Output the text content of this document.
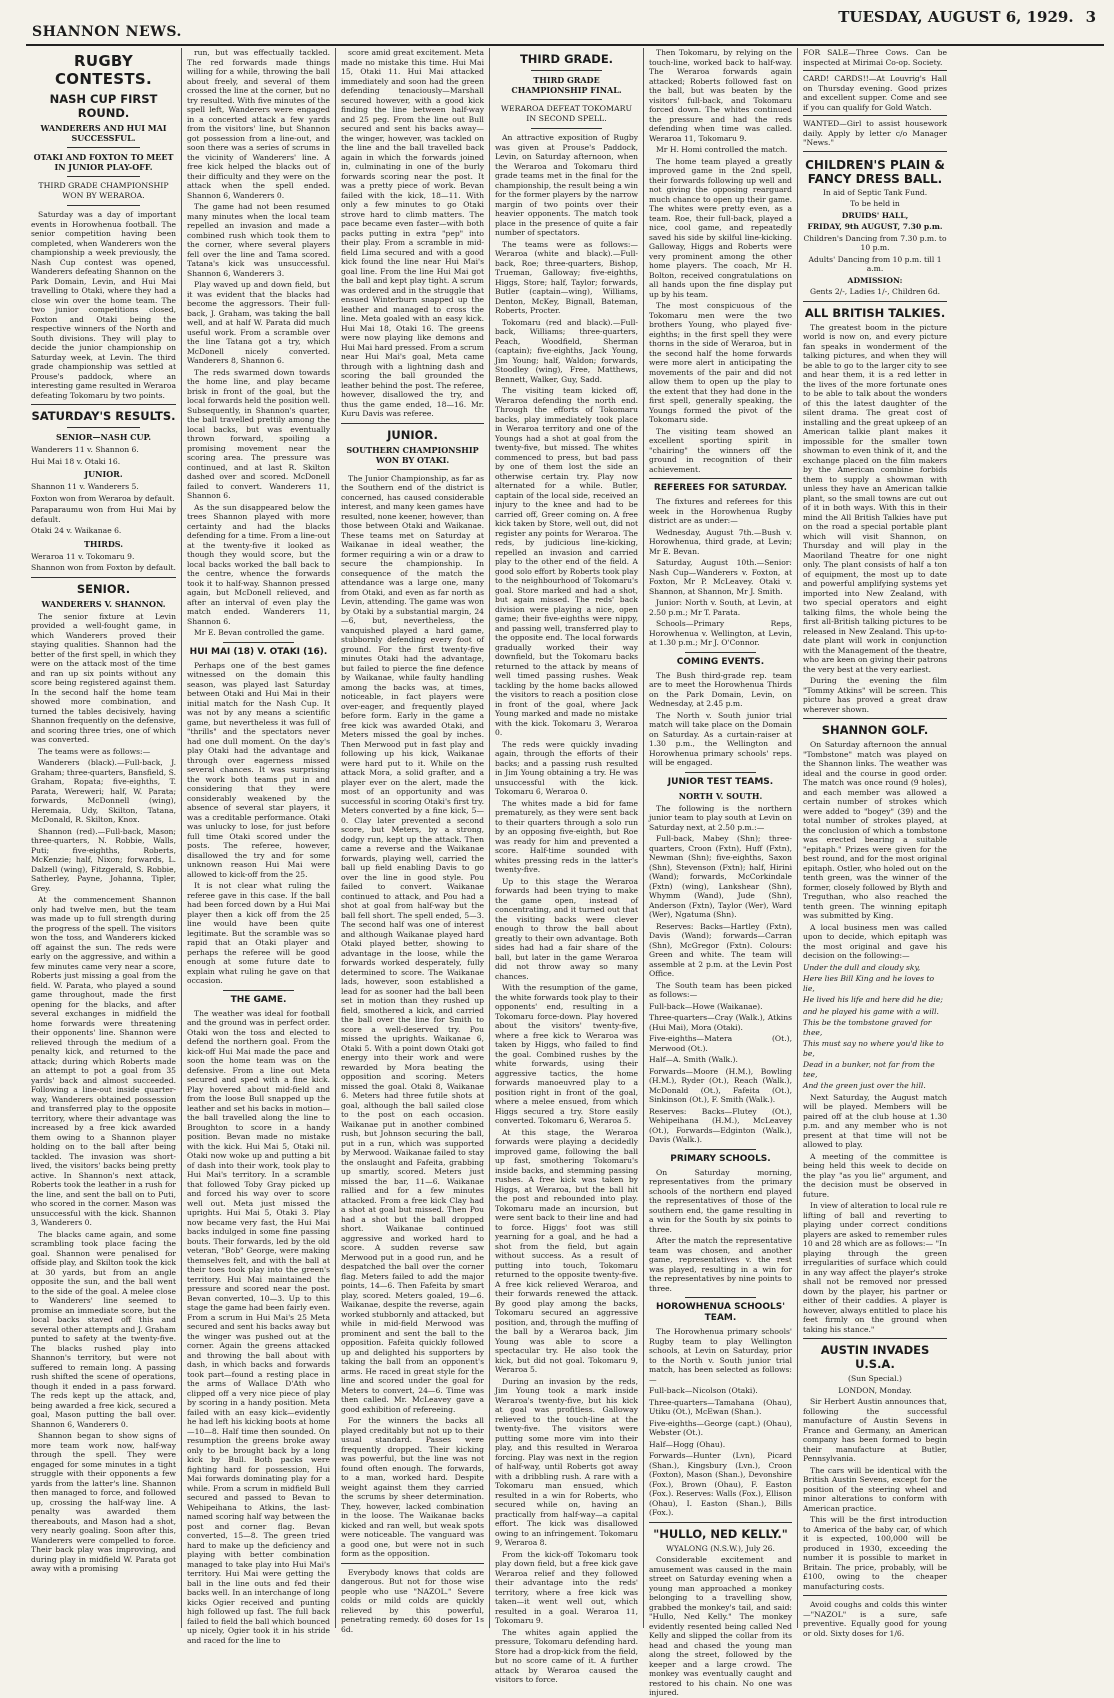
SHANNON NEWS.
TUESDAY, AUGUST 6, 1929. 3
RUGBY CONTESTS.
NASH CUP FIRST ROUND.
WANDERERS AND HUI MAI SUCCESSFUL.
OTAKI AND FOXTON TO MEET IN JUNIOR PLAY-OFF.
THIRD GRADE CHAMPIONSHIP WON BY WERAROA.

Saturday was a day of important events in Horowhenua football. The senior competition having been completed, when Wanderers won the championship a week previously, the Nash Cup contest was opened, Wanderers defeating Shannon on the Park Domain, Levin, and Hui Mai travelling to Otaki, where they had a close win over the home team. The two junior competitions closed, Foxton and Otaki being the respective winners of the North and South divisions. They will play to decide the junior championship on Saturday week, at Levin. The third grade championship was settled at Prouse's paddock, where an interesting game resulted in Weraroa defeating Tokomaru by two points.

SATURDAY'S RESULTS.
SENIOR—NASH CUP.

Wanderers 11 v. Shannon 6.

Hui Mai 18 v. Otaki 16.

JUNIOR.

Shannon 11 v. Wanderers 5.

Foxton won from Weraroa by default.

Paraparaumu won from Hui Mai by default.

Otaki 24 v. Waikanae 6.

THIRDS.

Weraroa 11 v. Tokomaru 9.

Shannon won from Foxton by default.

SENIOR.
WANDERERS V. SHANNON.

The senior fixture at Levin provided a well-fought game, in which Wanderers proved their staying qualities. Shannon had the better of the first spell, in which they were on the attack most of the time and ran up six points without any score being registered against them. In the second half the home team showed more combination, and turned the tables decisively, having Shannon frequently on the defensive, and scoring three tries, one of which was converted.

The teams were as follows:—

Wanderers (black).—Full-back, J. Graham; three-quarters, Bansfield, S. Graham, Ropata; five-eighths, T. Parata, Wereweri; half, W. Parata; forwards, McDonnell (wing), Heremaia, Udy, Skilton, Tatana, McDonald, R. Skilton, Knox.

Shannon (red).—Full-back, Mason; three-quarters, N. Robbie, Walls, Puti; five-eighths, Roberts, McKenzie; half, Nixon; forwards, L. Dalzell (wing), Fitzgerald, S. Robbie, Satherley, Payne, Johanna, Tipler, Grey.

At the commencement Shannon only had twelve men, but the team was made up to full strength during the progress of the spell. The visitors won the toss, and Wanderers kicked off against the sun. The reds were early on the aggressive, and within a few minutes came very near a score, Roberts just missing a goal from the field. W. Parata, who played a sound game throughout, made the first opening for the blacks, and after several exchanges in midfield the home forwards were threatening their opponents' line. Shannon were relieved through the medium of a penalty kick, and returned to the attack; during which Roberts made an attempt to pot a goal from 35 yards' back and almost succeeded. Following a line-out inside quarter-way, Wanderers obtained possession and transferred play to the opposite territory, where their advantage was increased by a free kick awarded them owing to a Shannon player holding on to the ball after being tackled. The invasion was short-lived, the visitors' backs being pretty active. In Shannon's next attack, Roberts took the leather in a rush for the line, and sent the ball on to Puti, who scored in the corner. Mason was unsuccessful with the kick. Shannon 3, Wanderers 0.

The blacks came again, and some scrambling took place facing the goal. Shannon were penalised for offside play, and Skilton took the kick at 30 yards, but from an angle opposite the sun, and the ball went to the side of the goal. A melee close to Wanderers' line seemed to promise an immediate score, but the local backs staved off this and several other attempts and J. Graham punted to safety at the twenty-five. The blacks rushed play into Shannon's territory, but were not suffered to remain long. A passing rush shifted the scene of operations, though it ended in a pass forward. The reds kept up the attack, and, being awarded a free kick, secured a goal, Mason putting the ball over. Shannon 6, Wanderers 0.

Shannon began to show signs of more team work now, half-way through the spell. They were engaged for some minutes in a tight struggle with their opponents a few yards from the latter's line. Shannon then managed to force, and followed up, crossing the half-way line. A penalty was awarded them thereabouts, and Mason had a shot, very nearly goaling. Soon after this, Wanderers were compelled to force. Their back play was improving, and during play in midfield W. Parata got away with a promising

run, but was effectually tackled. The red forwards made things willing for a while, throwing the ball about freely, and several of them crossed the line at the corner, but no try resulted. With five minutes of the spell left, Wanderers were engaged in a concerted attack a few yards from the visitors' line, but Shannon got possession from a line-out, and soon there was a series of scrums in the vicinity of Wanderers' line. A free kick helped the blacks out of their difficulty and they were on the attack when the spell ended. Shannon 6, Wanderers 0.

The game had not been resumed many minutes when the local team repelled an invasion and made a combined rush which took them to the corner, where several players fell over the line and Tama scored. Tatana's kick was unsuccessful. Shannon 6, Wanderers 3.

Play waved up and down field, but it was evident that the blacks had become the aggressors. Their full-back, J. Graham, was taking the ball well, and at half W. Parata did much useful work. From a scramble over the line Tatana got a try, which McDonell nicely converted. Wanderers 8, Shannon 6.

The reds swarmed down towards the home line, and play became brisk in front of the goal, but the local forwards held the position well. Subsequently, in Shannon's quarter, the ball travelled prettily among the local backs, but was eventually thrown forward, spoiling a promising movement near the scoring area. The pressure was continued, and at last R. Skilton dashed over and scored. McDonell failed to convert. Wanderers 11, Shannon 6.

As the sun disappeared below the trees Shannon played with more certainty and had the blacks defending for a time. From a line-out at the twenty-five it looked as though they would score, but the local backs worked the ball back to the centre, whence the forwards took it to half-way. Shannon pressed again, but McDonell relieved, and after an interval of even play the match ended. Wanderers 11, Shannon 6.

Mr E. Bevan controlled the game.

HUI MAI (18) V. OTAKI (16).

Perhaps one of the best games witnessed on the domain this season, was played last Saturday between Otaki and Hui Mai in their initial match for the Nash Cup. It was not by any means a scientific game, but nevertheless it was full of "thrills" and the spectators never had one dull moment. On the day's play Otaki had the advantage and through over eagerness missed several chances. It was surprising the work both teams put in and considering that they were considerably weakened by the absence of several star players, it was a creditable performance. Otaki was unlucky to lose, for just before full time Otaki scored under the posts. The referee, however, disallowed the try and for some unknown reason Hui Mai were allowed to kick-off from the 25.

It is not clear what ruling the referee gave in this case. If the ball had been forced down by a Hui Mai player then a kick off from the 25 line would have been quite legitimate. But the scramble was so rapid that an Otaki player and perhaps the referee will be good enough at some future date to explain what ruling he gave on that occasion.

THE GAME.

The weather was ideal for football and the ground was in perfect order. Otaki won the toss and elected to defend the northern goal. From the kick-off Hui Mai made the pace and soon the home team was on the defensive. From a line out Meta secured and sped with a fine kick. Play hovered about mid-field and from the loose Bull snapped up the leather and set his backs in motion—the ball travelled along the line to Broughton to score in a handy position. Bevan made no mistake with the kick. Hui Mai 5, Otaki nil. Otaki now woke up and putting a bit of dash into their work, took play to Hui Mai's territory. In a scramble that followed Toby Gray picked up and forced his way over to score well out. Meta just missed the uprights. Hui Mai 5, Otaki 3. Play now became very fast, the Hui Mai backs indulged in some fine passing bouts. Their forwards, led by the old veteran, "Bob" George, were making themselves felt, and with the ball at their toes took play into the green's territory. Hui Mai maintained the pressure and scored near the post. Bevan converted, 10—3. Up to this stage the game had been fairly even. From a scrum in Hui Mai's 25 Meta secured and sent his backs away but the winger was pushed out at the corner. Again the greens attacked and throwing the ball about with dash, in which backs and forwards took part—found a resting place in the arms of Wallace D'Ath who clipped off a very nice piece of play by scoring in a handy position. Meta failed with an easy kick—evidently he had left his kicking boots at home—10—8. Half time then sounded. On resumption the greens broke away only to be brought back by a long kick by Bull. Both packs were fighting hard for possession, Hui Mai forwards dominating play for a while. From a scrum in midfield Bull secured and passed to Bevan to Wehipeihana to Atkins, the last-named scoring half way between the post and corner flag. Bevan converted, 15—8. The green tried hard to make up the deficiency and playing with better combination managed to take play into Hui Mai's territory. Hui Mai were getting the ball in the line outs and fed their backs well. In an interchange of long kicks Ogier received and punting high followed up fast. The full back failed to field the ball which bounced up nicely, Ogier took it in his stride and raced for the line to

score amid great excitement. Meta made no mistake this time. Hui Mai 15, Otaki 11. Hui Mai attacked immediately and soon had the green defending tenaciously—Marshall secured however, with a good kick finding the line between half-way and 25 peg. From the line out Bull secured and sent his backs away—the winger, however, was tackled on the line and the ball travelled back again in which the forwards joined in, culminating in one of the burly forwards scoring near the post. It was a pretty piece of work. Bevan failed with the kick, 18—11. With only a few minutes to go Otaki strove hard to climb matters. The pace became even faster—with both packs putting in extra "pep" into their play. From a scramble in mid-field Lima secured and with a good kick found the line near Hui Mai's goal line. From the line Hui Mai got the ball and kept play tight. A scrum was ordered and in the struggle that ensued Winterburn snapped up the leather and managed to cross the line. Meta goaled with an easy kick. Hui Mai 18, Otaki 16. The greens were now playing like demons and Hui Mai hard pressed. From a scrum near Hui Mai's goal, Meta came through with a lightning dash and scoring the ball grounded the leather behind the post. The referee, however, disallowed the try, and thus the game ended, 18—16. Mr. Kuru Davis was referee.

JUNIOR.
SOUTHERN CHAMPIONSHIP WON BY OTAKI.

The Junior Championship, as far as the Southern end of the district is concerned, has caused considerable interest, and many keen games have resulted, none keener, however, than those between Otaki and Waikanae. These teams met on Saturday at Waikanae in ideal weather, the former requiring a win or a draw to secure the championship. In consequence of the match the attendance was a large one, many from Otaki, and even as far north as Levin, attending. The game was won by Otaki by a substantial margin, 24—6, but, nevertheless, the vanquished played a hard game, stubbornly defending every foot of ground. For the first twenty-five minutes Otaki had the advantage, but failed to pierce the fine defence by Waikanae, while faulty handling among the backs was, at times, noticeable, in fact players were over-eager, and frequently played before form. Early in the game a free kick was awarded Otaki, and Meters missed the goal by inches. Then Merwood put in fast play and following up his kick, Waikanae were hard put to it. While on the attack Mora, a solid grafter, and a player ever on the alert, made the most of an opportunity and was successful in scoring Otaki's first try. Meters converted by a fine kick, 5—0. Clay later prevented a second score, but Meters, by a strong, dodgy run, kept up the attack. Then came a reverse and the Waikanae forwards, playing well, carried the ball up field enabling Davis to go over the line in good style. Pou failed to convert. Waikanae continued to attack, and Pou had a shot at goal from half-way but the ball fell short. The spell ended, 5—3. The second half was one of interest and although Waikanae played hard Otaki played better, showing to advantage in the loose, while the forwards worked desperately, fully determined to score. The Waikanae lads, however, soon established a lead for as sooner had the ball been set in motion than they rushed up field, smothered a kick, and carried the ball over the line for Smith to score a well-deserved try. Pou missed the uprights. Waikanae 6, Otaki 5. With a point down Otaki got energy into their work and were rewarded by Mora beating the opposition and scoring. Meters missed the goal. Otaki 8, Waikanae 6. Meters had three futile shots at goal, although the ball sailed close to the post on each occasion. Waikanae put in another combined rush, but Johnson securing the ball, put in a run, which was supported by Merwood. Waikanae failed to stay the onslaught and Fafeita, grabbing up smartly, scored. Meters just missed the bar, 11—6. Waikanae rallied and for a few minutes attacked. From a free kick Clay had a shot at goal but missed. Then Pou had a shot but the ball dropped short. Waikanae continued aggressive and worked hard to score. A sudden reverse saw Merwood put in a good run, and he despatched the ball over the corner flag. Meters failed to add the major points, 14—6. Then Fafeita by smart play, scored. Meters goaled, 19—6. Waikanae, despite the reverse, again worked stubbornly and attacked, but while in mid-field Merwood was prominent and sent the ball to the opposition. Fafeita quickly followed up and delighted his supporters by taking the ball from an opponent's arms. He raced in great style for the line and scored under the goal for Meters to convert, 24—6. Time was then called. Mr. McLeavey gave a good exhibition of refereeing.

For the winners the backs all played creditably but not up to their usual standard. Passes were frequently dropped. Their kicking was powerful, but the line was not found often enough. The forwards, to a man, worked hard. Despite weight against them they carried the scrums by sheer determination. They, however, lacked combination in the loose. The Waikanae backs kicked and ran well, but weak spots were noticeable. The vanguard was a good one, but were not in such form as the opposition.

Everybody knows that colds are dangerous. But not for those wise people who use "NAZOL." Severe colds or mild colds are quickly relieved by this powerful, penetrating remedy. 60 doses for 1s 6d.

THIRD GRADE.
THIRD GRADE CHAMPIONSHIP FINAL.
WERAROA DEFEAT TOKOMARU IN SECOND SPELL.

An attractive exposition of Rugby was given at Prouse's Paddock, Levin, on Saturday afternoon, when the Weraroa and Tokomaru third grade teams met in the final for the championship, the result being a win for the former players by the narrow margin of two points over their heavier opponents. The match took place in the presence of quite a fair number of spectators.

The teams were as follows:—Weraroa (white and black).—Full-back, Roe; three-quarters, Bishop, Trueman, Galloway; five-eighths, Higgs, Store; half, Taylor; forwards, Butler (captain—wing), Williams, Denton, McKey, Bignall, Bateman, Roberts, Procter.

Tokomaru (red and black).—Full-back, Williams; three-quarters, Peach, Woodfield, Sherman (captain); five-eighths, Jack Young, Jim Young; half, Waldon; forwards, Stoodley (wing), Free, Matthews, Bennett, Walker, Guy, Sadd.

The visiting team kicked off, Weraroa defending the north end. Through the efforts of Tokomaru backs, play immediately took place in Weraroa territory and one of the Youngs had a shot at goal from the twenty-five, but missed. The whites commenced to press, but bad pass by one of them lost the side an otherwise certain try. Play now alternated for a while. Butler, captain of the local side, received an injury to the knee and had to be carried off, Greer coming on. A free kick taken by Store, well out, did not register any points for Weraroa. The reds, by judicious line-kicking, repelled an invasion and carried play to the other end of the field. A good solo effort by Roberts took play to the neighbourhood of Tokomaru's goal. Store marked and had a shot, but again missed. The reds' back division were playing a nice, open game; their five-eighths were nippy, and passing well, transferred play to the opposite end. The local forwards gradually worked their way downfield, but the Tokomaru backs returned to the attack by means of well timed passing rushes. Weak tackling by the home backs allowed the visitors to reach a position close in front of the goal, where Jack Young marked and made no mistake with the kick. Tokomaru 3, Weraroa 0.

The reds were quickly invading again, through the efforts of their backs; and a passing rush resulted in Jim Young obtaining a try. He was unsuccessful with the kick. Tokomaru 6, Weraroa 0.

The whites made a bid for fame prematurely, as they were sent back to their quarters through a solo run by an opposing five-eighth, but Roe was ready for him and prevented a score. Half-time sounded with whites pressing reds in the latter's twenty-five.

Up to this stage the Weraroa forwards had been trying to make the game open, instead of concentrating, and it turned out that the visiting backs were clever enough to throw the ball about greatly to their own advantage. Both sides had had a fair share of the ball, but later in the game Weraroa did not throw away so many chances.

With the resumption of the game, the white forwards took play to their opponents' end, resulting in a Tokomaru force-down. Play hovered about the visitors' twenty-five, where a free kick to Weraroa was taken by Higgs, who failed to find the goal. Combined rushes by the white forwards, using their aggressive tactics, the home forwards manoeuvred play to a position right in front of the goal, where a melee ensued, from which Higgs secured a try. Store easily converted. Tokomaru 6, Weraroa 5.

At this stage, the Weraroa forwards were playing a decidedly improved game, following the ball up fast, smothering Tokomaru's inside backs, and stemming passing rushes. A free kick was taken by Higgs, at Weraroa, but the ball hit the post and rebounded into play. Tokomaru made an incursion, but were sent back to their line and had to force. Higgs' foot was still yearning for a goal, and he had a shot from the field, but again without success. As a result of putting into touch, Tokomaru returned to the opposite twenty-five. A free kick relieved Weraroa, and their forwards renewed the attack. By good play among the backs, Tokomaru secured an aggressive position, and, through the muffing of the ball by a Weraroa back, Jim Young was able to score a spectacular try. He also took the kick, but did not goal. Tokomaru 9, Weraroa 5.

During an invasion by the reds, Jim Young took a mark inside Weraroa's twenty-five, but his kick at goal was profitless. Galloway relieved to the touch-line at the twenty-five. The visitors were putting some more vim into their play, and this resulted in Weraroa forcing. Play was next in the region of half-way, until Roberts got away with a dribbling rush. A rare with a Tokomaru man ensued, which resulted in a win for Roberts, who secured while on, having an practically from half-way—a capital effort. The kick was disallowed owing to an infringement. Tokomaru 9, Weraroa 8.

From the kick-off Tokomaru took play down field, but a free kick gave Weraroa relief and they followed their advantage into the reds' territory, where a free kick was taken—it went well out, which resulted in a goal. Weraroa 11, Tokomaru 9.

The whites again applied the pressure, Tokomaru defending hard. Store had a drop-kick from the field, but no score came of it. A further attack by Weraroa caused the visitors to force.

Then Tokomaru, by relying on the touch-line, worked back to half-way. The Weraroa forwards again attacked; Roberts followed fast on the ball, but was beaten by the visitors' full-back, and Tokomaru forced down. The whites continued the pressure and had the reds defending when time was called. Weraroa 11, Tokomaru 9.

Mr H. Homi controlled the match.

The home team played a greatly improved game in the 2nd spell, their forwards following up well and not giving the opposing rearguard much chance to open up their game. The whites were pretty even, as a team. Roe, their full-back, played a nice, cool game, and repeatedly saved his side by skilful line-kicking. Galloway, Higgs and Roberts were very prominent among the other home players. The coach, Mr H. Bolton, received congratulations on all hands upon the fine display put up by his team.

The most conspicuous of the Tokomaru men were the two brothers Young, who played five-eighths; in the first spell they were thorns in the side of Weraroa, but in the second half the home forwards were more alert in anticipating the movements of the pair and did not allow them to open up the play to the extent that they had done in the first spell, generally speaking, the Youngs formed the pivot of the Tokomaru side.

The visiting team showed an excellent sporting spirit in "chairing" the winners off the ground in recognition of their achievement.

REFEREES FOR SATURDAY.

The fixtures and referees for this week in the Horowhenua Rugby district are as under:—

Wednesday, August 7th.—Bush v. Horowhenua, third grade, at Levin; Mr E. Bevan.

Saturday, August 10th.—Senior: Nash Cup—Wanderers v. Foxton, at Foxton, Mr P. McLeavey. Otaki v. Shannon, at Shannon, Mr J. Smith.

Junior: North v. South, at Levin, at 2.50 p.m.; Mr T. Parata.

Schools—Primary Reps, Horowhenua v. Wellington, at Levin, at 1.30 p.m.; Mr J. O'Connor.

COMING EVENTS.

The Bush third-grade rep. team are to meet the Horowhenua Thirds on the Park Domain, Levin, on Wednesday, at 2.45 p.m.

The North v. South junior trial match will take place on the Domain on Saturday. As a curtain-raiser at 1.30 p.m., the Wellington and Horowhenua primary schools' reps. will be engaged.

JUNIOR TEST TEAMS.
NORTH V. SOUTH.

The following is the northern junior team to play south at Levin on Saturday next, at 2.50 p.m.:—

Full-back, Mabey (Shn); three-quarters, Croon (Fxtn), Huff (Fxtn), Newman (Shn); five-eighths, Saxon (Shn), Stevenson (Fxtn); half, Hirini (Wand); forwards, McCorkindale (Fxtn) (wing), Lankshear (Shn), Whymm (Wand), Jude (Shn), Anderson (Fxtn), Taylor (Wer), Ward (Wer), Ngatuma (Shn).

Reserves: Backs—Hartley (Fxtn), Davis (Wand); forwards—Carran (Shn), McGregor (Fxtn). Colours: Green and white. The team will assemble at 2 p.m. at the Levin Post Office.

The South team has been picked as follows:—

Full-back—Howe (Waikanae).

Three-quarters—Cray (Walk.), Atkins (Hui Mai), Mora (Otaki).

Five-eighths—Matera (Ot.), Merwood (Ot.).

Half—A. Smith (Walk.).

Forwards—Moore (H.M.), Bowling (H.M.), Ryder (Ot.), Reach (Walk.), McDonald (Ot.), Fafeita (Ot.), Sinkinson (Ot.), F. Smith (Walk.).

Reserves: Backs—Flutey (Ot.), Wehipeihana (H.M.), McLeavey (Ot.), Forwards—Edginton (Walk.), Davis (Walk.).

PRIMARY SCHOOLS.

On Saturday morning, representatives from the primary schools of the northern end played the representatives of those of the southern end, the game resulting in a win for the South by six points to three.

After the match the representative team was chosen, and another game, representatives v. the rest was played, resulting in a win for the representatives by nine points to three.

HOROWHENUA SCHOOLS' TEAM.

The Horowhenua primary schools' Rugby team to play Wellington schools, at Levin on Saturday, prior to the North v. South junior trial match, has been selected as follows:—

Full-back—Nicolson (Otaki).

Three-quarters—Tamahana (Ohau), Utiku (Ot.), McEwan (Shan.).

Five-eighths—George (capt.) (Ohau), Webster (Ot.).

Half—Hogg (Ohau).

Forwards—Hunter (Lvn), Picard (Shan.), Kingsbury (Lvn.), Croon (Foxton), Mason (Shan.), Devonshire (Fox.), Brown (Ohau), F. Easton (Fox.). Reserves: Walls (Fox.), Ellison (Ohau), I. Easton (Shan.), Bills (Fox.).

"HULLO, NED KELLY."

WYALONG (N.S.W.), July 26.

Considerable excitement and amusement was caused in the main street on Saturday evening when a young man approached a monkey belonging to a travelling show, grabbed the monkey's tail, and said: "Hullo, Ned Kelly." The monkey evidently resented being called Ned Kelly and slipped the collar from its head and chased the young man along the street, followed by the keeper and a large crowd. The monkey was eventually caught and restored to his chain. No one was injured.

FOR SALE—Three Cows. Can be inspected at Mirimai Co-op. Society.

CARD! CARDS!!—At Louvrig's Hall on Thursday evening. Good prizes and excellent supper. Come and see if you can qualify for Gold Watch.

WANTED—Girl to assist housework daily. Apply by letter c/o Manager "News."

CHILDREN'S PLAIN & FANCY DRESS BALL.

In aid of Septic Tank Fund.

To be held in

DRUIDS' HALL,

FRIDAY, 9th AUGUST, 7.30 p.m.

Children's Dancing from 7.30 p.m. to 10 p.m.

Adults' Dancing from 10 p.m. till 1 a.m.

ADMISSION:

Gents 2/-, Ladies 1/-, Children 6d.

ALL BRITISH TALKIES.

The greatest boom in the picture world is now on, and every picture fan speaks in wonderment of the talking pictures, and when they will be able to go to the larger city to see and hear them, it is a red letter in the lives of the more fortunate ones to be able to talk about the wonders of this the latest daughter of the silent drama. The great cost of installing and the great upkeep of an American talkie plant makes it impossible for the smaller town showman to even think of it, and the exchange placed on the film makers by the American combine forbids them to supply a showman with unless they have an American talkie plant, so the small towns are cut out of it in both ways. With this in their mind the All British Talkies have put on the road a special portable plant which will visit Shannon, on Thursday and will play in the Maoriland Theatre for one night only. The plant consists of half a ton of equipment, the most up to date and powerful amplifying systems yet imported into New Zealand, with two special operators and eight talking films, the whole being the first all-British talking pictures to be released in New Zealand. This up-to-date plant will work in conjunction with the Management of the theatre, who are keen on giving their patrons the very best at the very earliest.

During the evening the film "Tommy Atkins" will be screen. This picture has proved a great draw wherever shown.

SHANNON GOLF.

On Saturday afternoon the annual "Tombstone" match was played on the Shannon links. The weather was ideal and the course in good order. The match was once round (9 holes), and each member was allowed a certain number of strokes which were added to "bogey" (39) and the total number of strokes played, at the conclusion of which a tombstone was erected bearing a suitable "epitaph." Prizes were given for the best round, and for the most original epitaph. Ostler, who holed out on the tenth green, was the winner of the former, closely followed by Blyth and Treguthan, who also reached the tenth green. The winning epitaph was submitted by King.

A local business men was called upon to decide, which epitaph was the most original and gave his decision on the following:—

Under the dull and cloudy sky,

Here lies Bill King and he loves to lie,

He lived his life and here did he die;

and he played his game with a will.

This be the tombstone graved for thee,

This must say no where you'd like to be,

Dead in a bunker, not far from the tee,

And the green just over the hill.

Next Saturday, the August match will be played. Members will be paired off at the club house at 1.30 p.m. and any member who is not present at that time will not be allowed to play.

A meeting of the committee is being held this week to decide on the play "as you lie" argument, and the decision must be observed in future.

In view of alteration to local rule re lifting of ball and reverting to playing under correct conditions players are asked to remember rules 10 and 28 which are as follows:— "In playing through the green irregularities of surface which could in any way affect the player's stroke shall not be removed nor pressed down by the player, his partner or either of their caddies. A player is however, always entitled to place his feet firmly on the ground when taking his stance."

AUSTIN INVADES U.S.A.

(Sun Special.)

LONDON, Monday.

Sir Herbert Austin announces that, following the successful manufacture of Austin Sevens in France and Germany, an American company has been formed to begin their manufacture at Butler, Pennsylvania.

The cars will be identical with the British Austin Sevens, except for the position of the steering wheel and minor alterations to conform with American practice.

This will be the first introduction to America of the baby car, of which it is expected, 100,000 will be produced in 1930, exceeding the number it is possible to market in Britain. The price, probably, will be £100, owing to the cheaper manufacturing costs.

Avoid coughs and colds this winter —"NAZOL" is a sure, safe preventive. Equally good for young or old. Sixty doses for 1/6.
